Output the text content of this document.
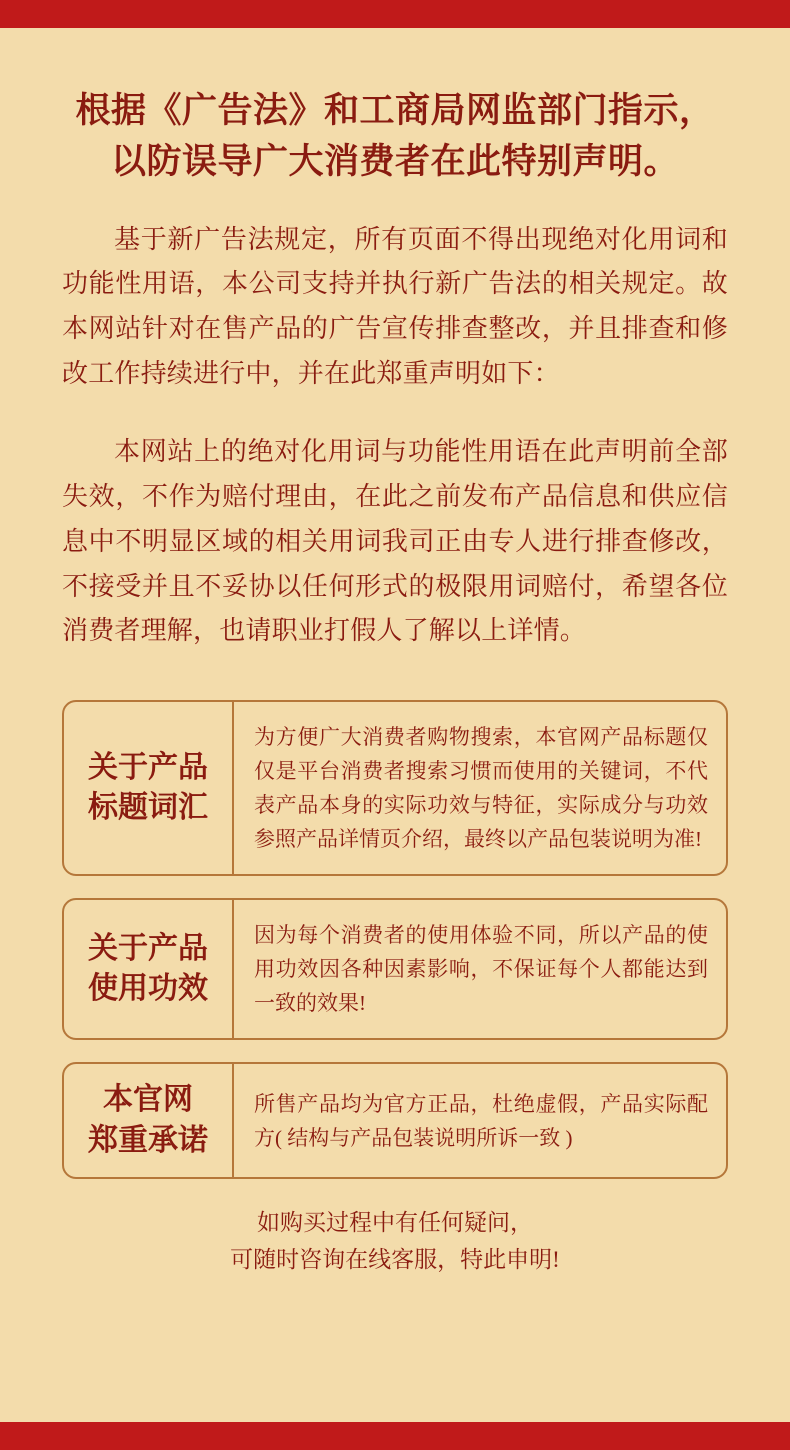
根据《广告法》和工商局网监部门指示，
以防误导广大消费者在此特别声明。
基于新广告法规定，所有页面不得出现绝对化用词和功能性用语，本公司支持并执行新广告法的相关规定。故本网站针对在售产品的广告宣传排查整改，并且排查和修改工作持续进行中，并在此郑重声明如下：
本网站上的绝对化用词与功能性用语在此声明前全部失效，不作为赔付理由，在此之前发布产品信息和供应信息中不明显区域的相关用词我司正由专人进行排查修改，不接受并且不妥协以任何形式的极限用词赔付，希望各位消费者理解，也请职业打假人了解以上详情。
关于产品
标题词汇
为方便广大消费者购物搜索，本官网产品标题仅仅是平台消费者搜索习惯而使用的关键词，不代表产品本身的实际功效与特征，实际成分与功效参照产品详情页介绍，最终以产品包装说明为准!
关于产品
使用功效
因为每个消费者的使用体验不同，所以产品的使用功效因各种因素影响，不保证每个人都能达到一致的效果!
本官网
郑重承诺
所售产品均为官方正品，杜绝虚假，产品实际配方( 结构与产品包装说明所诉一致 )
如购买过程中有任何疑问，
可随时咨询在线客服，特此申明!
